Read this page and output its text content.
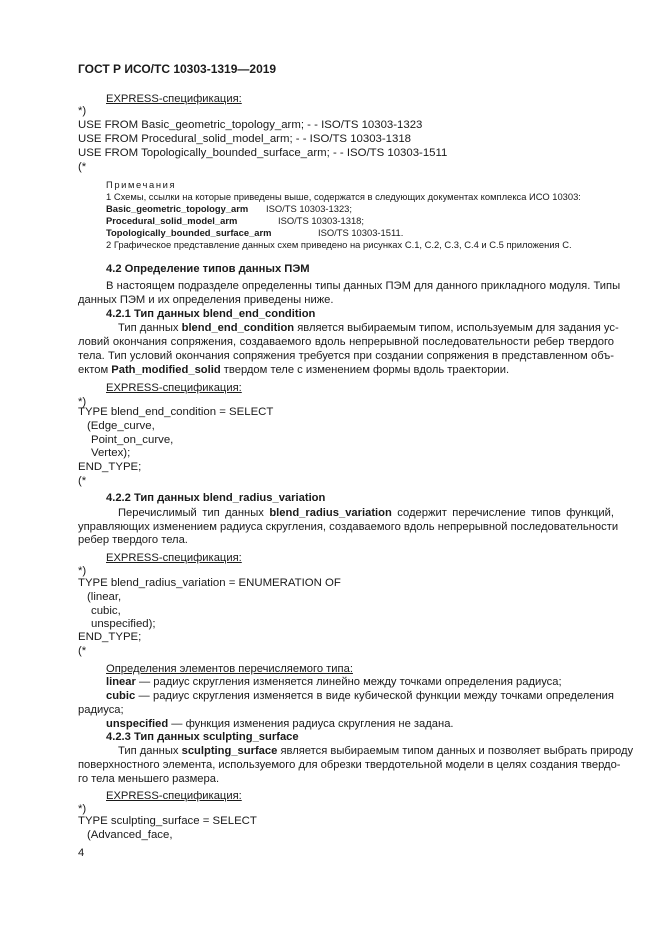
ГОСТ Р ИСО/ТС 10303-1319—2019
EXPRESS-спецификация:
*)
USE FROM Basic_geometric_topology_arm; - - ISO/TS 10303-1323
USE FROM Procedural_solid_model_arm; - - ISO/TS 10303-1318
USE FROM Topologically_bounded_surface_arm; - - ISO/TS 10303-1511
(*
Примечания
1 Схемы, ссылки на которые приведены выше, содержатся в следующих документах комплекса ИСО 10303:
Basic_geometric_topology_arm ISO/TS 10303-1323;
Procedural_solid_model_arm	ISO/TS 10303-1318;
Topologically_bounded_surface_arm	ISO/TS 10303-1511.
2 Графическое представление данных схем приведено на рисунках С.1, С.2, С.3, С.4 и С.5 приложения С.
4.2 Определение типов данных ПЭМ
В настоящем подразделе определенны типы данных ПЭМ для данного прикладного модуля. Типы
данных ПЭМ и их определения приведены ниже.
4.2.1 Тип данных blend_end_condition
Тип данных blend_end_condition является выбираемым типом, используемым для задания ус-
ловий окончания сопряжения, создаваемого вдоль непрерывной последовательности ребер твердого
тела. Тип условий окончания сопряжения требуется при создании сопряжения в представленном объ-
ектом Path_modified_solid твердом теле с изменением формы вдоль траектории.
EXPRESS-спецификация:
*)
TYPE blend_end_condition = SELECT
(Edge_curve,
Point_on_curve,
Vertex);
END_TYPE;
(*
4.2.2 Тип данных blend_radius_variation
Перечислимый тип данных blend_radius_variation содержит перечисление типов функций,
управляющих изменением радиуса скругления, создаваемого вдоль непрерывной последовательности
ребер твердого тела.
EXPRESS-спецификация:
*)
TYPE blend_radius_variation = ENUMERATION OF
(linear,
cubic,
unspecified);
END_TYPE;
(*
Определения элементов перечисляемого типа:
linear — радиус скругления изменяется линейно между точками определения радиуса;
cubic — радиус скругления изменяется в виде кубической функции между точками определения
радиуса;
unspecified — функция изменения радиуса скругления не задана.
4.2.3 Тип данных sculpting_surface
Тип данных sculpting_surface является выбираемым типом данных и позволяет выбрать природу
поверхностного элемента, используемого для обрезки твердотельной модели в целях создания твердо-
го тела меньшего размера.
EXPRESS-спецификация:
*)
TYPE sculpting_surface = SELECT
(Advanced_face,
4
